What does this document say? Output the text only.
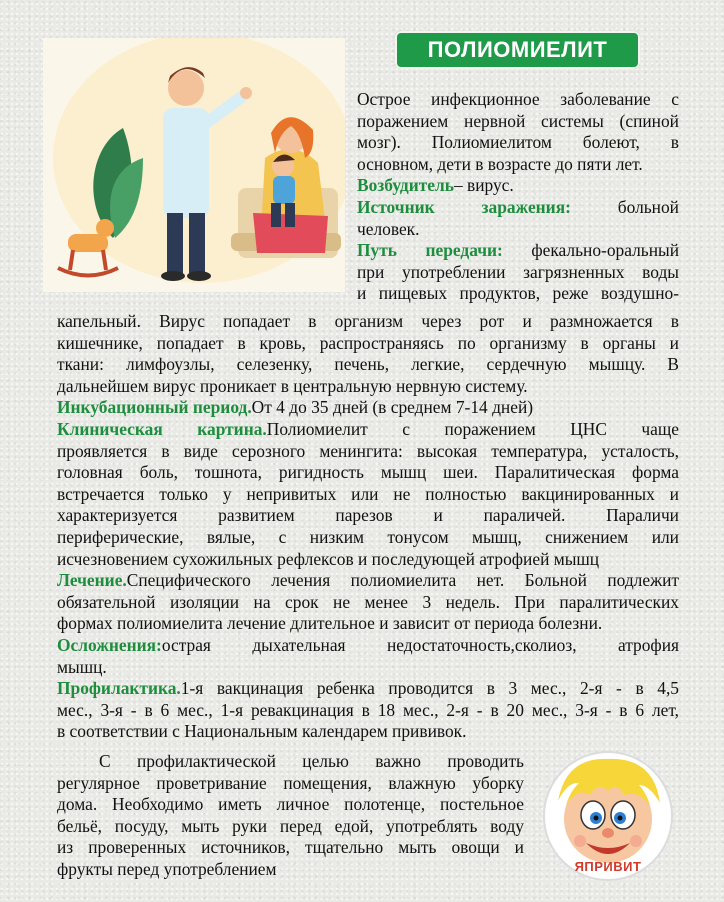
ПОЛИОМИЕЛИТ

Острое инфекционное заболевание с

поражением нервной системы (спиной

мозг). Полиомиелитом болеют, в

основном, дети в возрасте до пяти лет.

Возбудитель– вирус.

Источник заражения:	больной

человек.

Путь передачи: фекально-оральный

при употреблении загрязненных воды

и пищевых продуктов, реже воздушно-

капельный. Вирус попадает в организм через рот и размножается в

кишечнике, попадает в кровь, распространяясь по организму в органы и

ткани: лимфоузлы, селезенку, печень, легкие, сердечную мышцу. В

дальнейшем вирус проникает в центральную нервную систему.

Инкубационный период.От 4 до 35 дней (в среднем 7-14 дней)

Клиническая картина.Полиомиелит с поражением ЦНС чаще

проявляется в виде серозного менингита: высокая температура, усталость,

головная боль, тошнота, ригидность мышц шеи. Паралитическая форма

встречается только у непривитых или не полностью вакцинированных и

характеризуется развитием парезов и параличей. Параличи

периферические, вялые, с низким тонусом мышц, снижением или

исчезновением сухожильных рефлексов и последующей атрофией мышц

Лечение.Специфического лечения полиомиелита нет. Больной подлежит

обязательной изоляции на срок не менее 3 недель. При паралитических

формах полиомиелита лечение длительное и зависит от периода болезни.

Осложнения:острая дыхательная недостаточность,сколиоз, атрофия

мышц.

Профилактика.1-я вакцинация ребенка проводится в 3 мес., 2-я - в 4,5

мес., 3-я - в 6 мес., 1-я ревакцинация в 18 мес., 2-я - в 20 мес., 3-я - в 6 лет,

в соответствии с Национальным календарем прививок.

С профилактической целью важно проводить

регулярное проветривание помещения, влажную уборку

дома. Необходимо иметь личное полотенце, постельное

бельё, посуду, мыть руки перед едой, употреблять воду

из проверенных источников, тщательно мыть овощи и

фрукты перед употреблением	ЯПРИВИТ
